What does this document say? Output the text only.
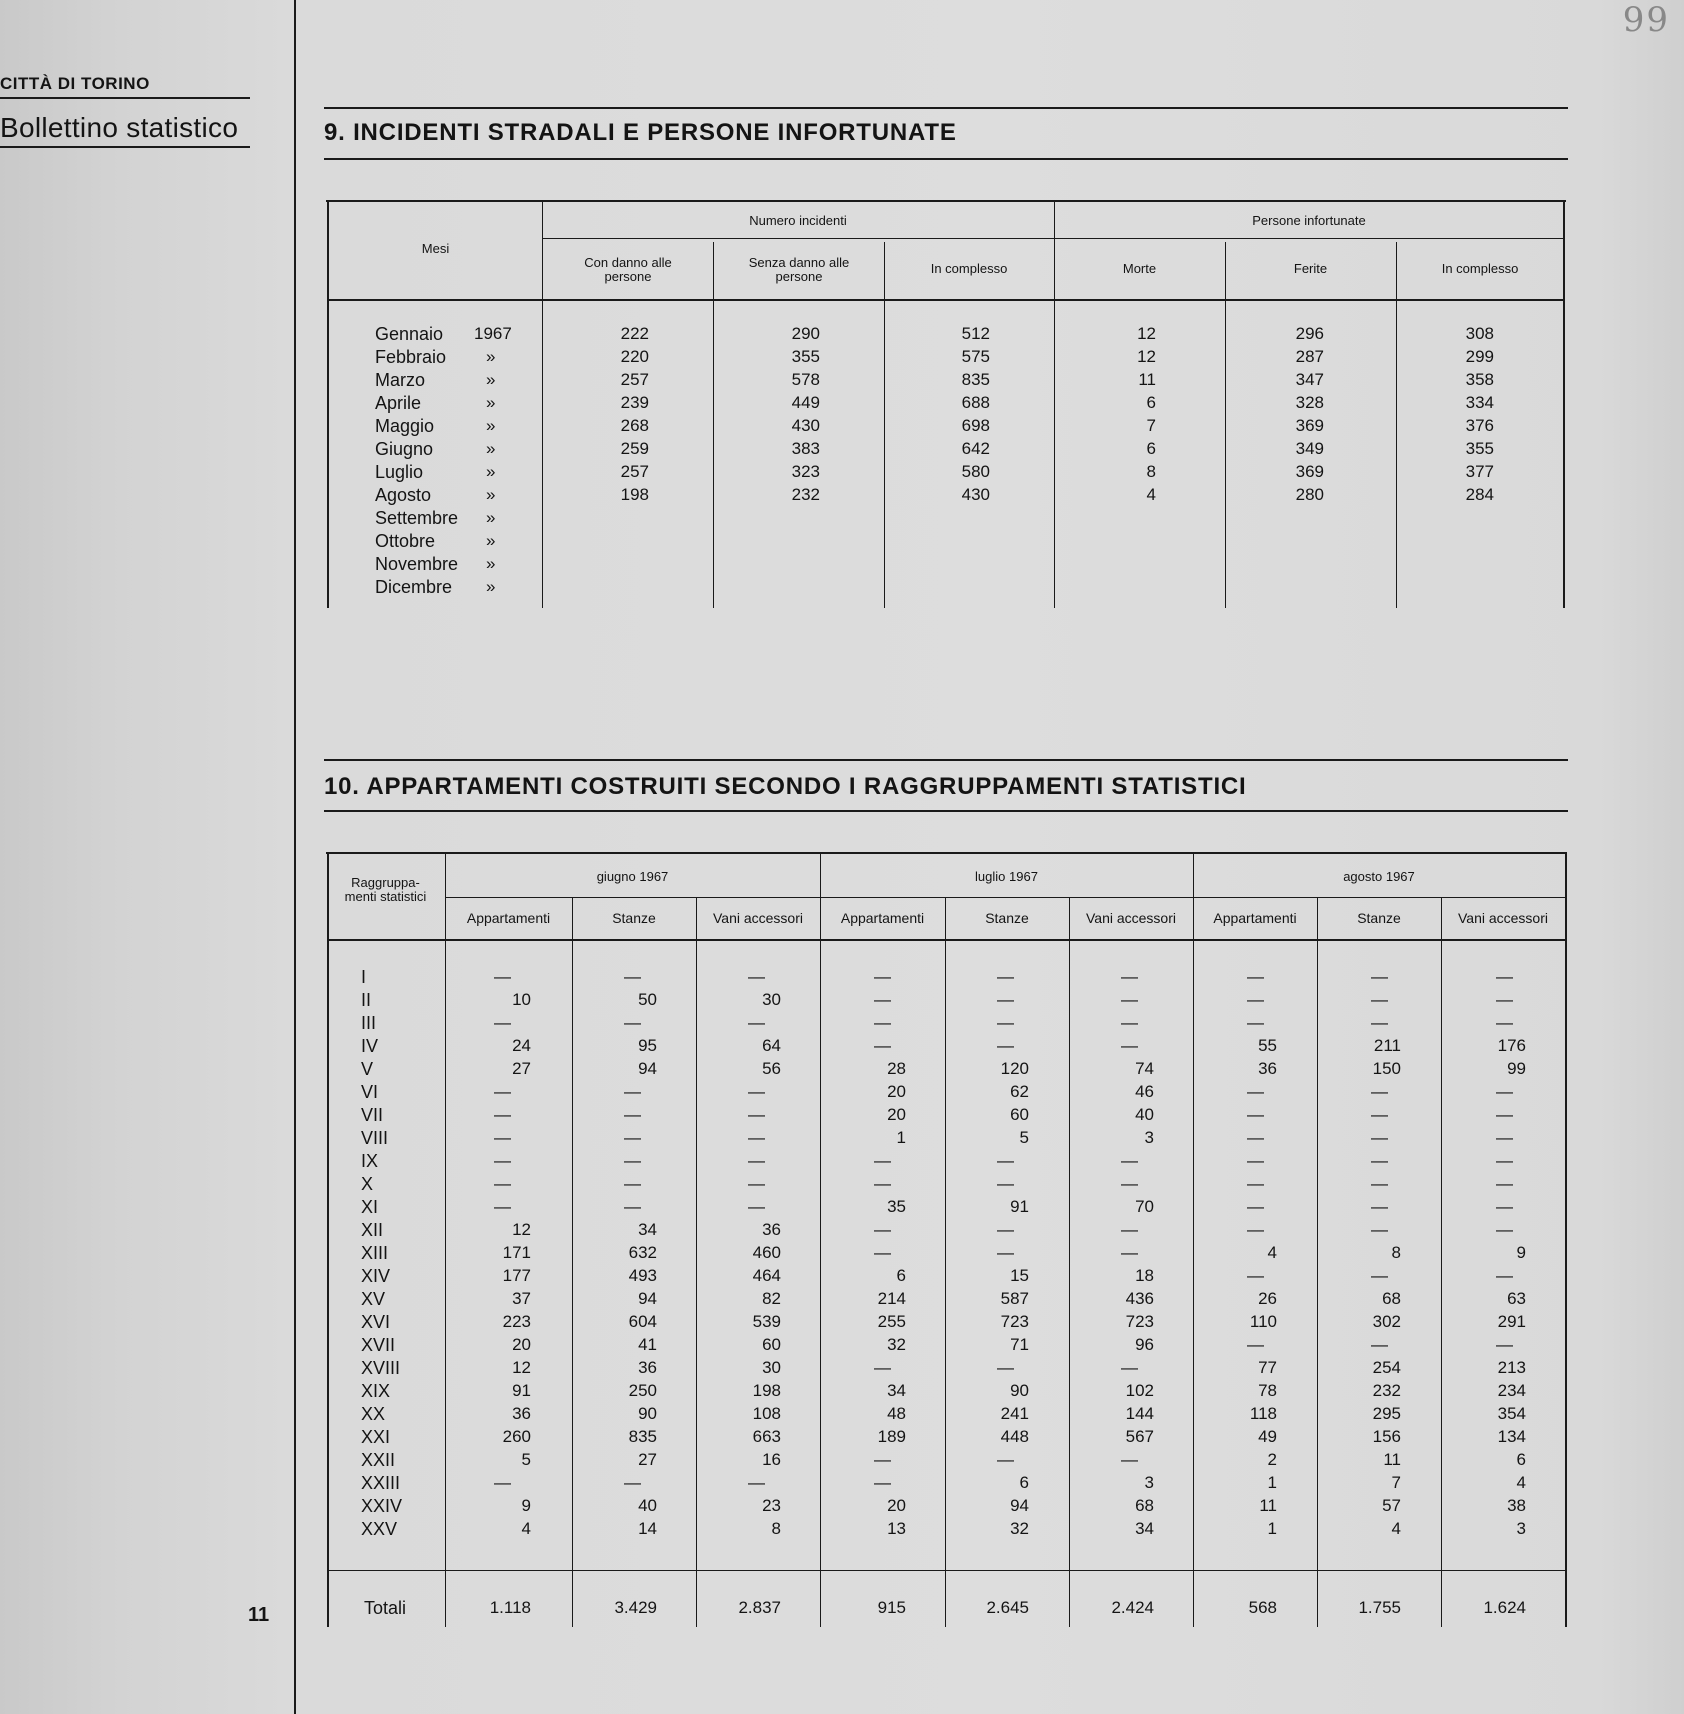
99
CITTÀ DI TORINO
Bollettino statistico
11
9. INCIDENTI STRADALI E PERSONE INFORTUNATE
Mesi
Numero incidenti	Persone infortunate
Con danno alle persone
Senza danno alle persone
In complesso	Morte	Ferite	In complesso
Gennaio 1967	222	290	512	12	296	308
Febbraio »	220	355	575	12	287	299
Marzo	»	257	578	835	11	347	358
Aprile	»	239	449	688	6	328	334
Maggio	»	268	430	698	7	369	376
Giugno	»	259	383	642	6	349	355
Luglio	»	257	323	580	8	369	377
Agosto	»	198	232	430	4	280	284
Settembre »
Ottobre	»
Novembre »
Dicembre »
10. APPARTAMENTI COSTRUITI SECONDO I RAGGRUPPAMENTI STATISTICI
Raggruppa-menti statistici
giugno 1967	luglio 1967	agosto 1967
Appartamenti	Stanze	Vani accessori	Appartamenti	Stanze	Vani accessori	Appartamenti	Stanze	Vani accessori
I	—	—	—	—	—	—	—	—	—
II	10	50	30	—	—	—	—	—	—
III	—	—	—	—	—	—	—	—	—
IV	24	95	64	—	—	—	55	211	176
V	27	94	56	28	120	74	36	150	99
VI	—	—	—	20	62	46	—	—	—
VII	—	—	—	20	60	40	—	—	—
VIII	—	—	—	1	5	3	—	—	—
IX	—	—	—	—	—	—	—	—	—
X	—	—	—	—	—	—	—	—	—
XI	—	—	—	35	91	70	—	—	—
XII	12	34	36	—	—	—	—	—	—
XIII	171	632	460	—	—	—	4	8	9
XIV	177	493	464	6	15	18	—	—	—
XV	37	94	82	214	587	436	26	68	63
XVI	223	604	539	255	723	723	110	302	291
XVII	20	41	60	32	71	96	—	—	—
XVIII	12	36	30	—	—	—	77	254	213
XIX	91	250	198	34	90	102	78	232	234
XX	36	90	108	48	241	144	118	295	354
XXI	260	835	663	189	448	567	49	156	134
XXII	5	27	16	—	—	—	2	11	6
XXIII	—	—	—	—	6	3	1	7	4
XXIV	9	40	23	20	94	68	11	57	38
XXV	4	14	8	13	32	34	1	4	3
Totali	1.118	3.429	2.837	915	2.645	2.424	568	1.755	1.624
